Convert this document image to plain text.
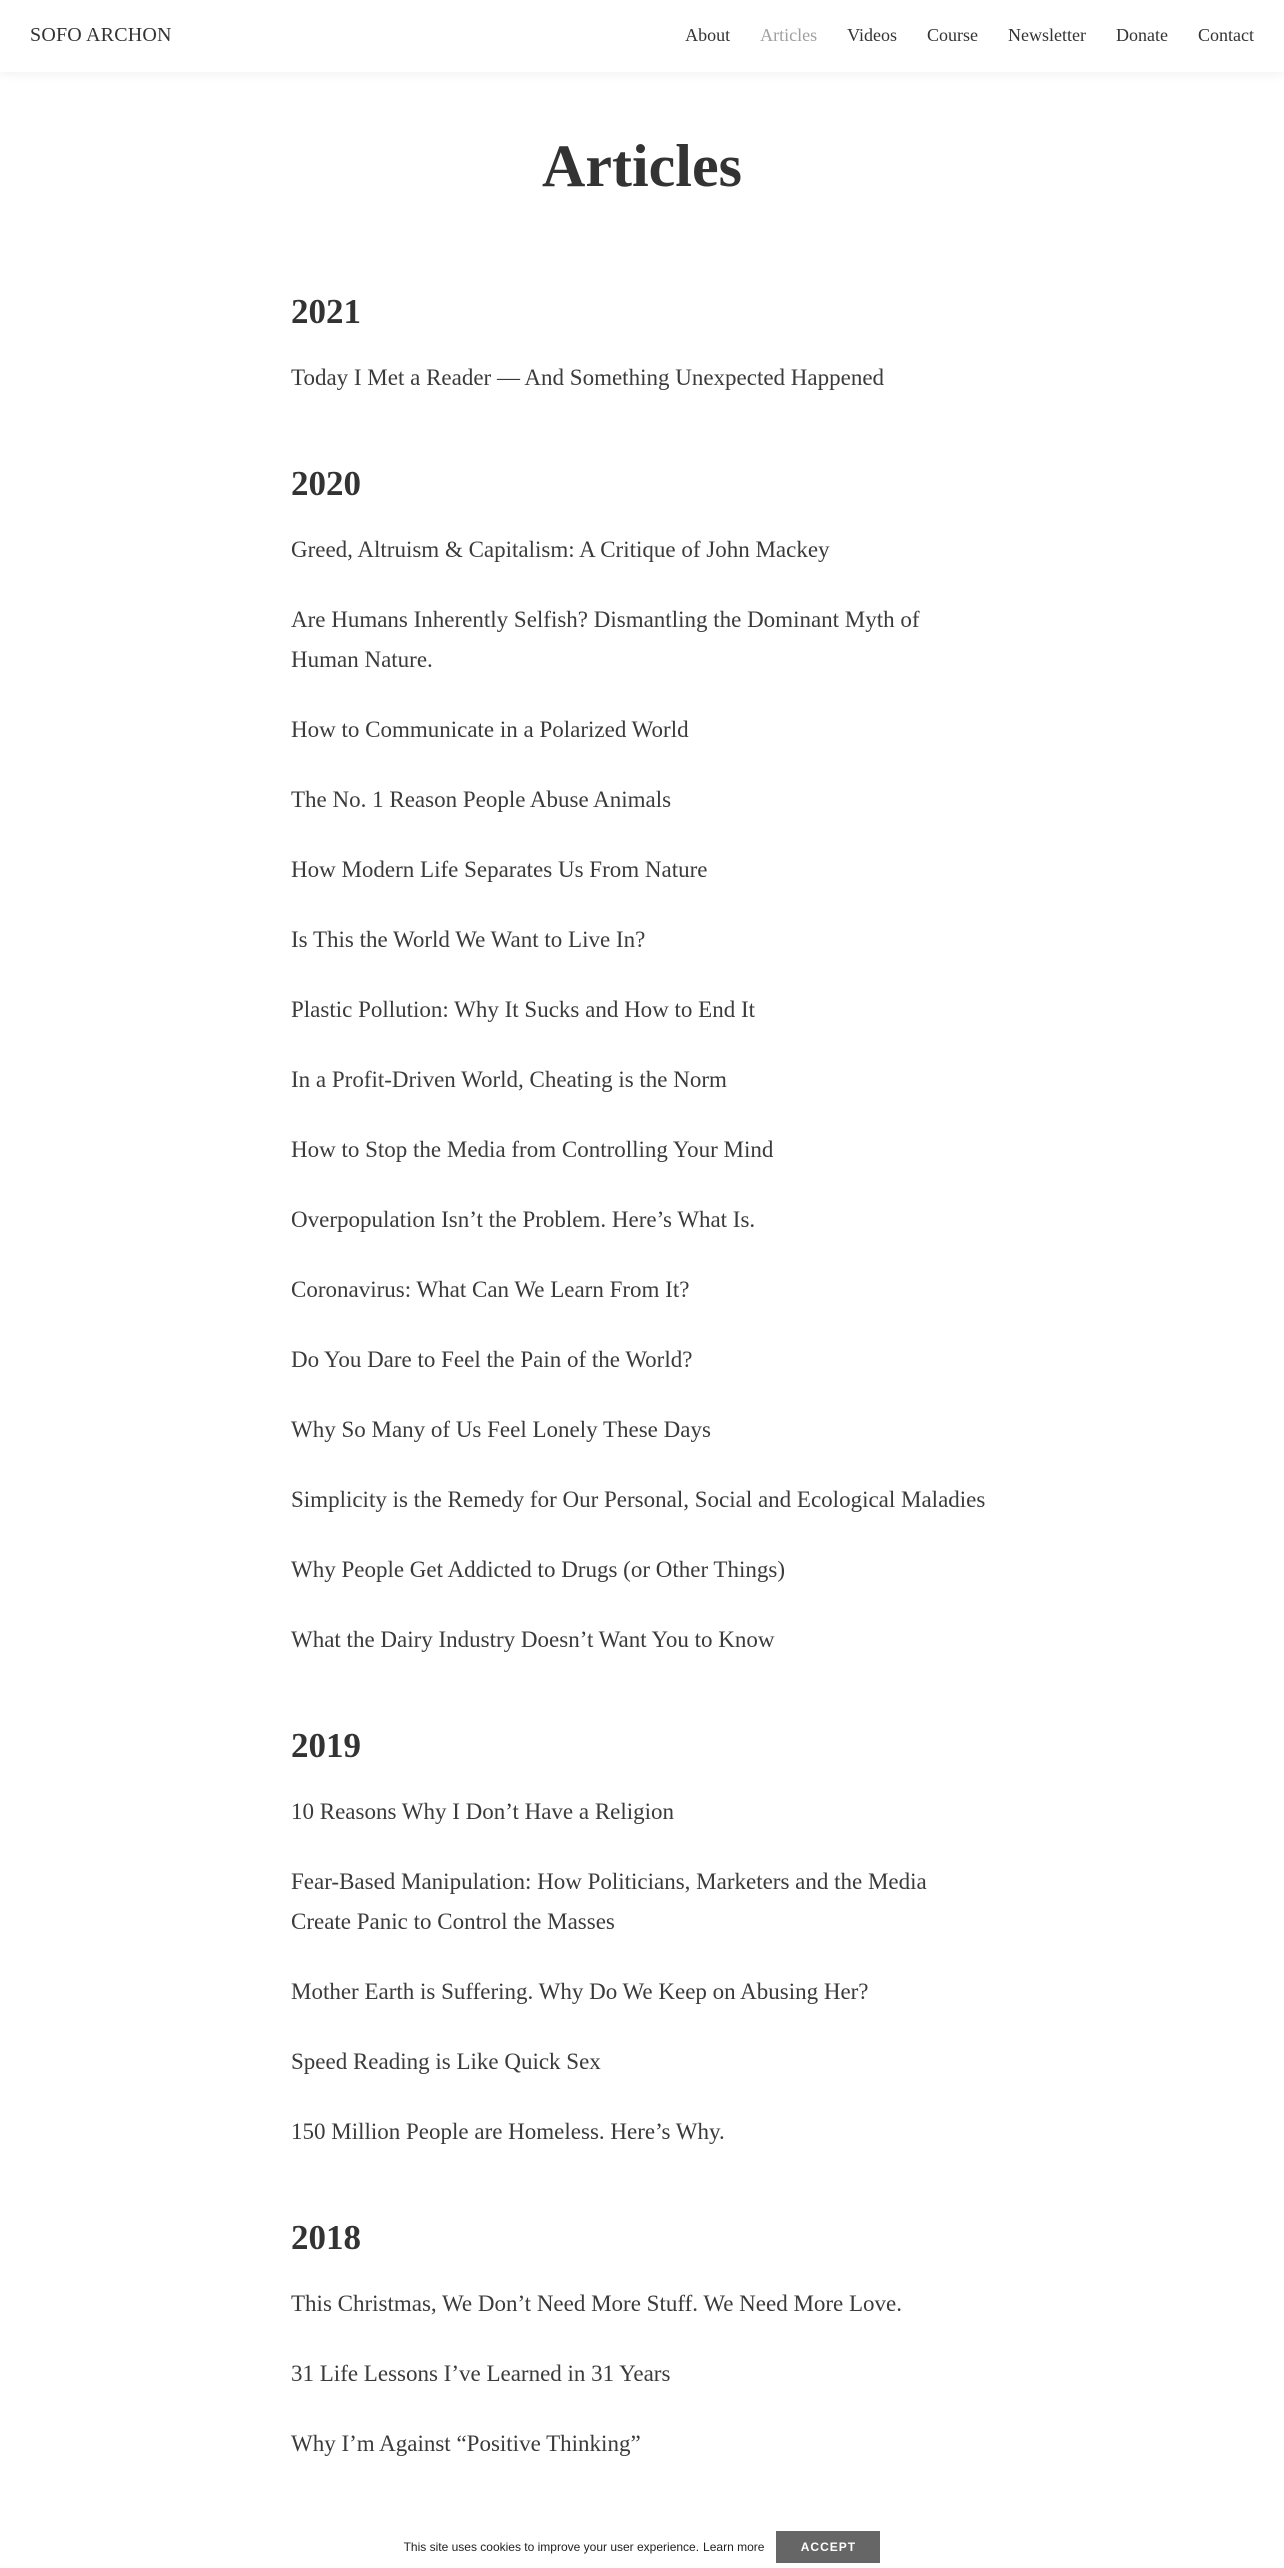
SOFO ARCHON	About Articles Videos Course Newsletter Donate Contact
Articles
2021
Today I Met a Reader — And Something Unexpected Happened
2020
Greed, Altruism & Capitalism: A Critique of John Mackey
Are Humans Inherently Selfish? Dismantling the Dominant Myth of Human Nature.
How to Communicate in a Polarized World
The No. 1 Reason People Abuse Animals
How Modern Life Separates Us From Nature
Is This the World We Want to Live In?
Plastic Pollution: Why It Sucks and How to End It
In a Profit-Driven World, Cheating is the Norm
How to Stop the Media from Controlling Your Mind
Overpopulation Isn’t the Problem. Here’s What Is.
Coronavirus: What Can We Learn From It?
Do You Dare to Feel the Pain of the World?
Why So Many of Us Feel Lonely These Days
Simplicity is the Remedy for Our Personal, Social and Ecological Maladies
Why People Get Addicted to Drugs (or Other Things)
What the Dairy Industry Doesn’t Want You to Know
2019
10 Reasons Why I Don’t Have a Religion
Fear-Based Manipulation: How Politicians, Marketers and the Media Create Panic to Control the Masses
Mother Earth is Suffering. Why Do We Keep on Abusing Her?
Speed Reading is Like Quick Sex
150 Million People are Homeless. Here’s Why.
2018
This Christmas, We Don’t Need More Stuff. We Need More Love.
31 Life Lessons I’ve Learned in 31 Years
Why I’m Against “Positive Thinking”
This site uses cookies to improve your user experience. Learn more	ACCEPT
